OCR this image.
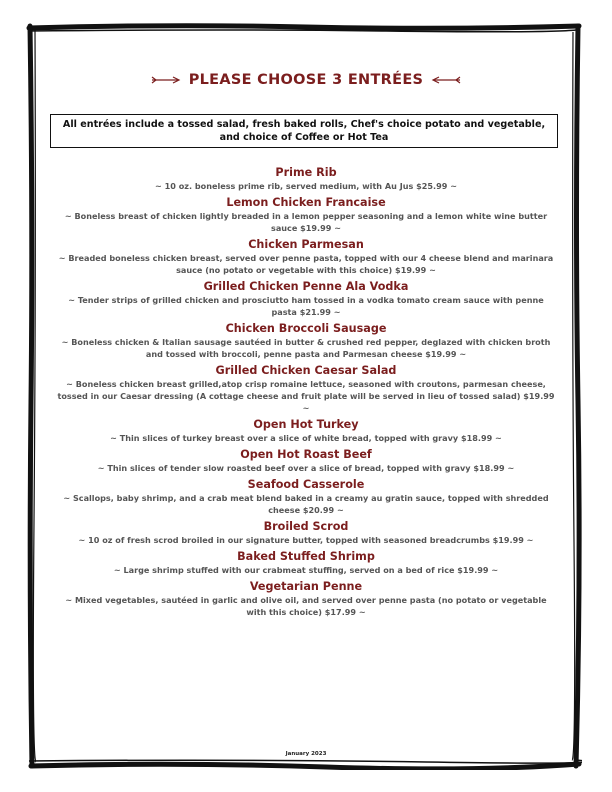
PLEASE CHOOSE 3 ENTRÉES
All entrées include a tossed salad, fresh baked rolls, Chef's choice potato and vegetable, and choice of Coffee or Hot Tea
Prime Rib
~ 10 oz. boneless prime rib, served medium, with Au Jus $25.99 ~
Lemon Chicken Francaise
~ Boneless breast of chicken lightly breaded in a lemon pepper seasoning and a lemon white wine butter sauce $19.99 ~
Chicken Parmesan
~ Breaded boneless chicken breast, served over penne pasta, topped with our 4 cheese blend and marinara sauce (no potato or vegetable with this choice) $19.99 ~
Grilled Chicken Penne Ala Vodka
~ Tender strips of grilled chicken and prosciutto ham tossed in a vodka tomato cream sauce with penne pasta $21.99 ~
Chicken Broccoli Sausage
~ Boneless chicken & Italian sausage sautéed in butter & crushed red pepper, deglazed with chicken broth and tossed with broccoli, penne pasta and Parmesan cheese $19.99 ~
Grilled Chicken Caesar Salad
~ Boneless chicken breast grilled,atop crisp romaine lettuce, seasoned with croutons, parmesan cheese, tossed in our Caesar dressing (A cottage cheese and fruit plate will be served in lieu of tossed salad) $19.99 ~
Open Hot Turkey
~ Thin slices of turkey breast over a slice of white bread, topped with gravy $18.99 ~
Open Hot Roast Beef
~ Thin slices of tender slow roasted beef over a slice of bread, topped with gravy $18.99 ~
Seafood Casserole
~ Scallops, baby shrimp, and a crab meat blend baked in a creamy au gratin sauce, topped with shredded cheese $20.99 ~
Broiled Scrod
~ 10 oz of fresh scrod broiled in our signature butter, topped with seasoned breadcrumbs $19.99 ~
Baked Stuffed Shrimp
~ Large shrimp stuffed with our crabmeat stuffing, served on a bed of rice $19.99 ~
Vegetarian Penne
~ Mixed vegetables, sautéed in garlic and olive oil, and served over penne pasta (no potato or vegetable with this choice) $17.99 ~
January 2023
